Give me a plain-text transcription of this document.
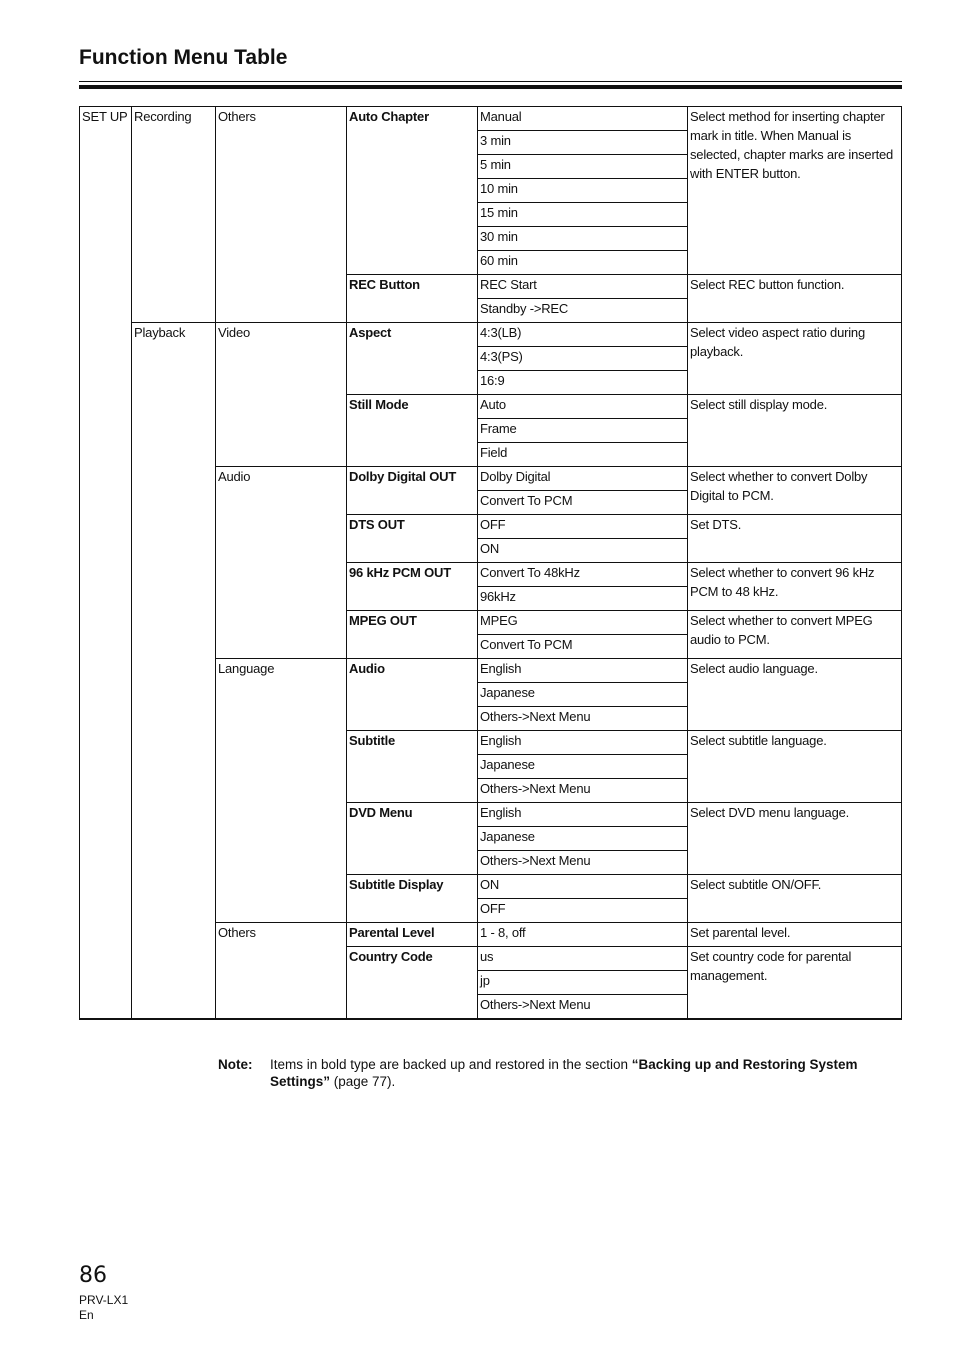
Function Menu Table
SET UP	Recording	Others	Auto Chapter	Manual	Select method for inserting chapter mark in title. When Manual is selected, chapter marks are inserted with ENTER button.
				3 min	
				5 min	
				10 min	
				15 min	
				30 min	
				60 min	
			REC Button	REC Start	Select REC button function.
				Standby ->REC	
	Playback	Video	Aspect	4:3(LB)	Select video aspect ratio during playback.
				4:3(PS)	
				16:9	
			Still Mode	Auto	Select still display mode.
				Frame	
				Field	
		Audio	Dolby Digital OUT	Dolby Digital	Select whether to convert Dolby Digital to PCM.
				Convert To PCM	
			DTS OUT	OFF	Set DTS.
				ON	
			96 kHz PCM OUT	Convert To 48kHz	Select whether to convert 96 kHz PCM to 48 kHz.
				96kHz	
			MPEG OUT	MPEG	Select whether to convert MPEG audio to PCM.
				Convert To PCM	
		Language	Audio	English	Select audio language.
				Japanese	
				Others->Next Menu	
			Subtitle	English	Select subtitle language.
				Japanese	
				Others->Next Menu	
			DVD Menu	English	Select DVD menu language.
				Japanese	
				Others->Next Menu	
			Subtitle Display	ON	Select subtitle ON/OFF.
				OFF	
		Others	Parental Level	1 - 8, off	Set parental level.
			Country Code	us	Set country code for parental management.
				jp	
				Others->Next Menu	
Note: Items in bold type are backed up and restored in the section “Backing up and Restoring System Settings” (page 77).
86
PRV-LX1
En
